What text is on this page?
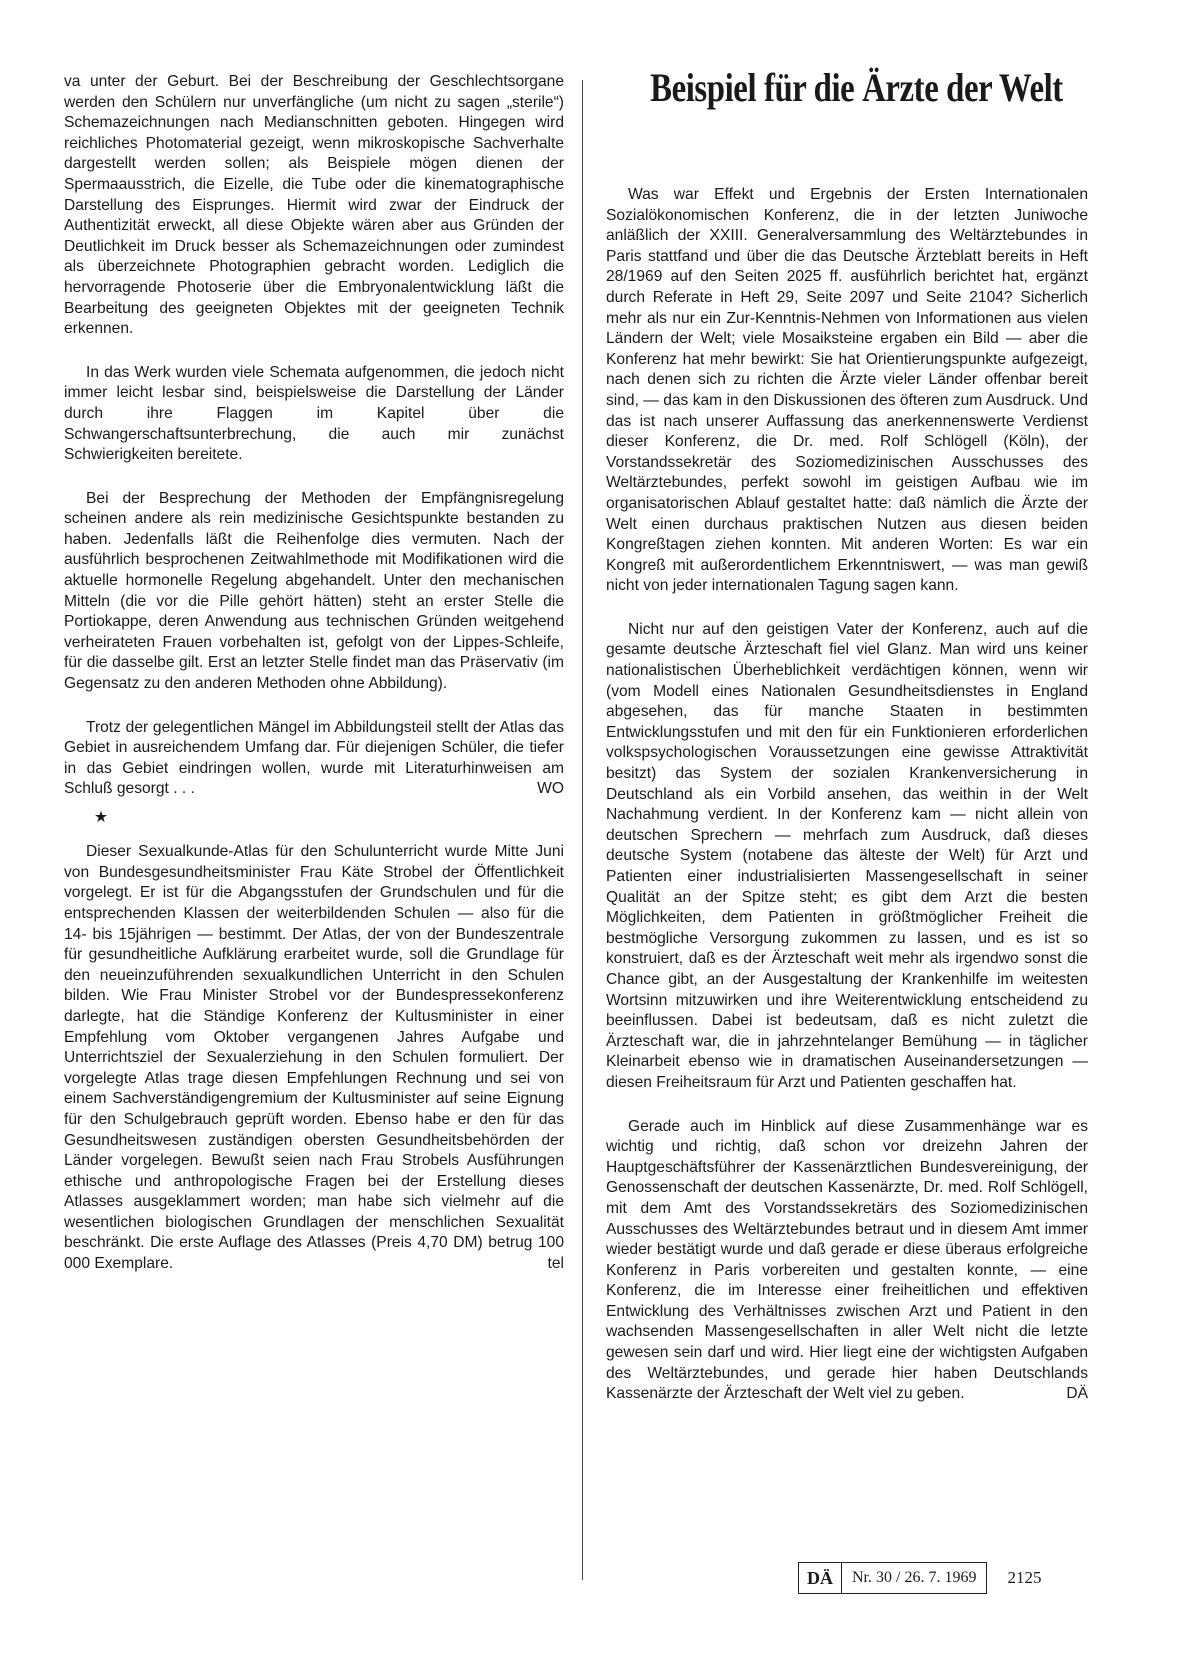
va unter der Geburt. Bei der Beschreibung der Geschlechtsorgane werden den Schülern nur unverfängliche (um nicht zu sagen „sterile“) Schemazeichnungen nach Medianschnitten geboten. Hingegen wird reichliches Photomaterial gezeigt, wenn mikroskopische Sachverhalte dargestellt werden sollen; als Beispiele mögen dienen der Spermaausstrich, die Eizelle, die Tube oder die kinematographische Darstellung des Eisprunges. Hiermit wird zwar der Eindruck der Authentizität erweckt, all diese Objekte wären aber aus Gründen der Deutlichkeit im Druck besser als Schemazeichnungen oder zumindest als überzeichnete Photographien gebracht worden. Lediglich die hervorragende Photoserie über die Embryonalentwicklung läßt die Bearbeitung des geeigneten Objektes mit der geeigneten Technik erkennen.

In das Werk wurden viele Schemata aufgenommen, die jedoch nicht immer leicht lesbar sind, beispielsweise die Darstellung der Länder durch ihre Flaggen im Kapitel über die Schwangerschaftsunterbrechung, die auch mir zunächst Schwierigkeiten bereitete.

Bei der Besprechung der Methoden der Empfängnisregelung scheinen andere als rein medizinische Gesichtspunkte bestanden zu haben. Jedenfalls läßt die Reihenfolge dies vermuten. Nach der ausführlich besprochenen Zeitwahlmethode mit Modifikationen wird die aktuelle hormonelle Regelung abgehandelt. Unter den mechanischen Mitteln (die vor die Pille gehört hätten) steht an erster Stelle die Portiokappe, deren Anwendung aus technischen Gründen weitgehend verheirateten Frauen vorbehalten ist, gefolgt von der Lippes-Schleife, für die dasselbe gilt. Erst an letzter Stelle findet man das Präservativ (im Gegensatz zu den anderen Methoden ohne Abbildung).

Trotz der gelegentlichen Mängel im Abbildungsteil stellt der Atlas das Gebiet in ausreichendem Umfang dar. Für diejenigen Schüler, die tiefer in das Gebiet eindringen wollen, wurde mit Literaturhinweisen am Schluß gesorgt . . .	WO

★

Dieser Sexualkunde-Atlas für den Schulunterricht wurde Mitte Juni von Bundesgesundheitsminister Frau Käte Strobel der Öffentlichkeit vorgelegt. Er ist für die Abgangsstufen der Grundschulen und für die entsprechenden Klassen der weiterbildenden Schulen — also für die 14- bis 15jährigen — bestimmt. Der Atlas, der von der Bundeszentrale für gesundheitliche Aufklärung erarbeitet wurde, soll die Grundlage für den neueinzuführenden sexualkundlichen Unterricht in den Schulen bilden. Wie Frau Minister Strobel vor der Bundespressekonferenz darlegte, hat die Ständige Konferenz der Kultusminister in einer Empfehlung vom Oktober vergangenen Jahres Aufgabe und Unterrichtsziel der Sexualerziehung in den Schulen formuliert. Der vorgelegte Atlas trage diesen Empfehlungen Rechnung und sei von einem Sachverständigengremium der Kultusminister auf seine Eignung für den Schulgebrauch geprüft worden. Ebenso habe er den für das Gesundheitswesen zuständigen obersten Gesundheitsbehörden der Länder vorgelegen. Bewußt seien nach Frau Strobels Ausführungen ethische und anthropologische Fragen bei der Erstellung dieses Atlasses ausgeklammert worden; man habe sich vielmehr auf die wesentlichen biologischen Grundlagen der menschlichen Sexualität beschränkt. Die erste Auflage des Atlasses (Preis 4,70 DM) betrug 100 000 Exemplare.	tel

Beispiel für die Ärzte der Welt

Was war Effekt und Ergebnis der Ersten Internationalen Sozialökonomischen Konferenz, die in der letzten Juniwoche anläßlich der XXIII. Generalversammlung des Weltärztebundes in Paris stattfand und über die das Deutsche Ärzteblatt bereits in Heft 28/1969 auf den Seiten 2025 ff. ausführlich berichtet hat, ergänzt durch Referate in Heft 29, Seite 2097 und Seite 2104? Sicherlich mehr als nur ein Zur-Kenntnis-Nehmen von Informationen aus vielen Ländern der Welt; viele Mosaiksteine ergaben ein Bild — aber die Konferenz hat mehr bewirkt: Sie hat Orientierungspunkte aufgezeigt, nach denen sich zu richten die Ärzte vieler Länder offenbar bereit sind, — das kam in den Diskussionen des öfteren zum Ausdruck. Und das ist nach unserer Auffassung das anerkennenswerte Verdienst dieser Konferenz, die Dr. med. Rolf Schlögell (Köln), der Vorstandssekretär des Soziomedizinischen Ausschusses des Weltärztebundes, perfekt sowohl im geistigen Aufbau wie im organisatorischen Ablauf gestaltet hatte: daß nämlich die Ärzte der Welt einen durchaus praktischen Nutzen aus diesen beiden Kongreßtagen ziehen konnten. Mit anderen Worten: Es war ein Kongreß mit außerordentlichem Erkenntniswert, — was man gewiß nicht von jeder internationalen Tagung sagen kann.

Nicht nur auf den geistigen Vater der Konferenz, auch auf die gesamte deutsche Ärzteschaft fiel viel Glanz. Man wird uns keiner nationalistischen Überheblichkeit verdächtigen können, wenn wir (vom Modell eines Nationalen Gesundheitsdienstes in England abgesehen, das für manche Staaten in bestimmten Entwicklungsstufen und mit den für ein Funktionieren erforderlichen volkspsychologischen Voraussetzungen eine gewisse Attraktivität besitzt) das System der sozialen Krankenversicherung in Deutschland als ein Vorbild ansehen, das weithin in der Welt Nachahmung verdient. In der Konferenz kam — nicht allein von deutschen Sprechern — mehrfach zum Ausdruck, daß dieses deutsche System (notabene das älteste der Welt) für Arzt und Patienten einer industrialisierten Massengesellschaft in seiner Qualität an der Spitze steht; es gibt dem Arzt die besten Möglichkeiten, dem Patienten in größtmöglicher Freiheit die bestmögliche Versorgung zukommen zu lassen, und es ist so konstruiert, daß es der Ärzteschaft weit mehr als irgendwo sonst die Chance gibt, an der Ausgestaltung der Krankenhilfe im weitesten Wortsinn mitzuwirken und ihre Weiterentwicklung entscheidend zu beeinflussen. Dabei ist bedeutsam, daß es nicht zuletzt die Ärzteschaft war, die in jahrzehntelanger Bemühung — in täglicher Kleinarbeit ebenso wie in dramatischen Auseinandersetzungen — diesen Freiheitsraum für Arzt und Patienten geschaffen hat.

Gerade auch im Hinblick auf diese Zusammenhänge war es wichtig und richtig, daß schon vor dreizehn Jahren der Hauptgeschäftsführer der Kassenärztlichen Bundesvereinigung, der Genossenschaft der deutschen Kassenärzte, Dr. med. Rolf Schlögell, mit dem Amt des Vorstandssekretärs des Soziomedizinischen Ausschusses des Weltärztebundes betraut und in diesem Amt immer wieder bestätigt wurde und daß gerade er diese überaus erfolgreiche Konferenz in Paris vorbereiten und gestalten konnte, — eine Konferenz, die im Interesse einer freiheitlichen und effektiven Entwicklung des Verhältnisses zwischen Arzt und Patient in den wachsenden Massengesellschaften in aller Welt nicht die letzte gewesen sein darf und wird. Hier liegt eine der wichtigsten Aufgaben des Weltärztebundes, und gerade hier haben Deutschlands Kassenärzte der Ärzteschaft der Welt viel zu geben.	DÄ

DÄ	Nr. 30 / 26. 7. 1969	2125
